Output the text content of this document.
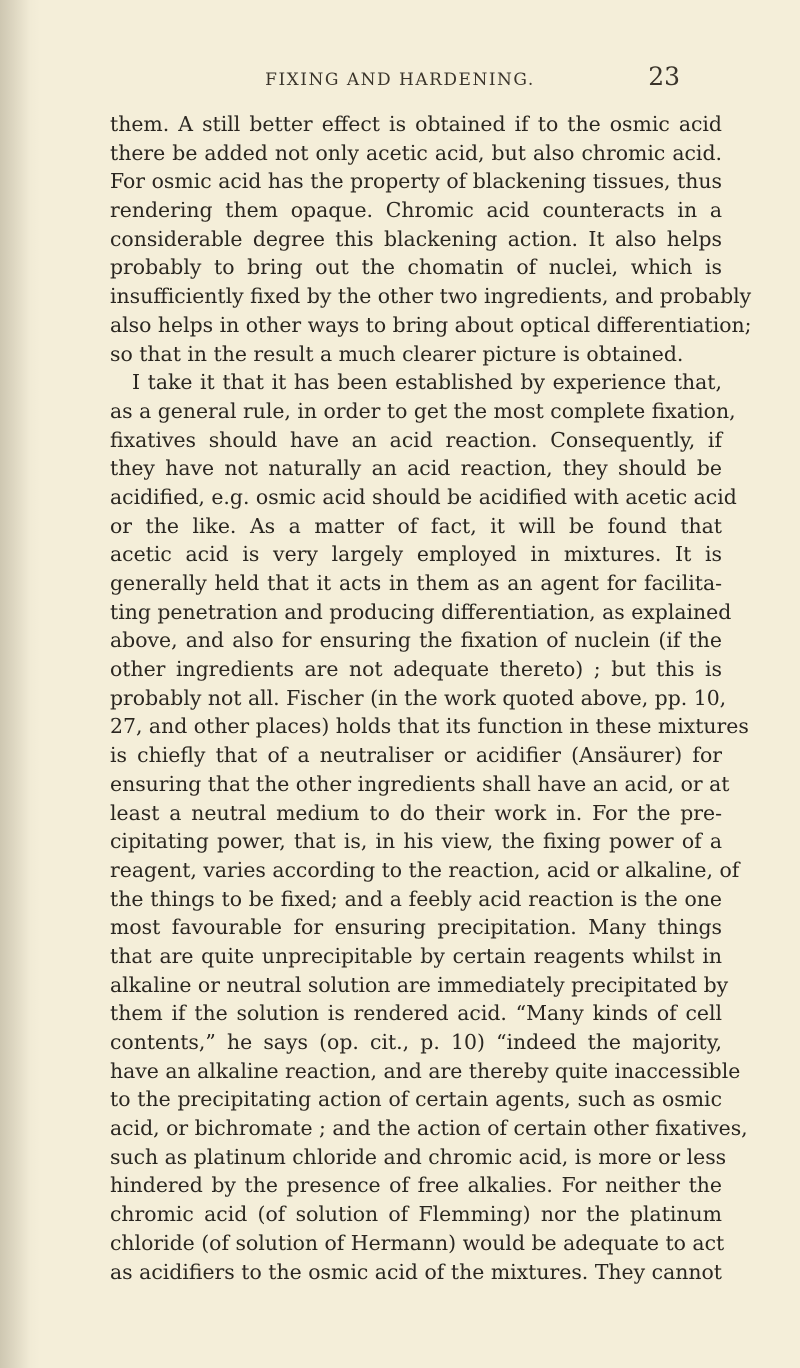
FIXING AND HARDENING.	23
them. A still better effect is obtained if to the osmic acid
there be added not only acetic acid, but also chromic acid.
For osmic acid has the property of blackening tissues, thus
rendering them opaque. Chromic acid counteracts in a
considerable degree this blackening action. It also helps
probably to bring out the chomatin of nuclei, which is
insufficiently fixed by the other two ingredients, and probably
also helps in other ways to bring about optical differentiation;
so that in the result a much clearer picture is obtained.
I take it that it has been established by experience that,
as a general rule, in order to get the most complete fixation,
fixatives should have an acid reaction. Consequently, if
they have not naturally an acid reaction, they should be
acidified, e.g. osmic acid should be acidified with acetic acid
or the like. As a matter of fact, it will be found that
acetic acid is very largely employed in mixtures. It is
generally held that it acts in them as an agent for facilita-
ting penetration and producing differentiation, as explained
above, and also for ensuring the fixation of nuclein (if the
other ingredients are not adequate thereto) ; but this is
probably not all. Fischer (in the work quoted above, pp. 10,
27, and other places) holds that its function in these mixtures
is chiefly that of a neutraliser or acidifier (Ansäurer) for
ensuring that the other ingredients shall have an acid, or at
least a neutral medium to do their work in. For the pre-
cipitating power, that is, in his view, the fixing power of a
reagent, varies according to the reaction, acid or alkaline, of
the things to be fixed; and a feebly acid reaction is the one
most favourable for ensuring precipitation. Many things
that are quite unprecipitable by certain reagents whilst in
alkaline or neutral solution are immediately precipitated by
them if the solution is rendered acid. “Many kinds of cell
contents,” he says (op. cit., p. 10) “indeed the majority,
have an alkaline reaction, and are thereby quite inaccessible
to the precipitating action of certain agents, such as osmic
acid, or bichromate ; and the action of certain other fixatives,
such as platinum chloride and chromic acid, is more or less
hindered by the presence of free alkalies. For neither the
chromic acid (of solution of Flemming) nor the platinum
chloride (of solution of Hermann) would be adequate to act
as acidifiers to the osmic acid of the mixtures. They cannot
